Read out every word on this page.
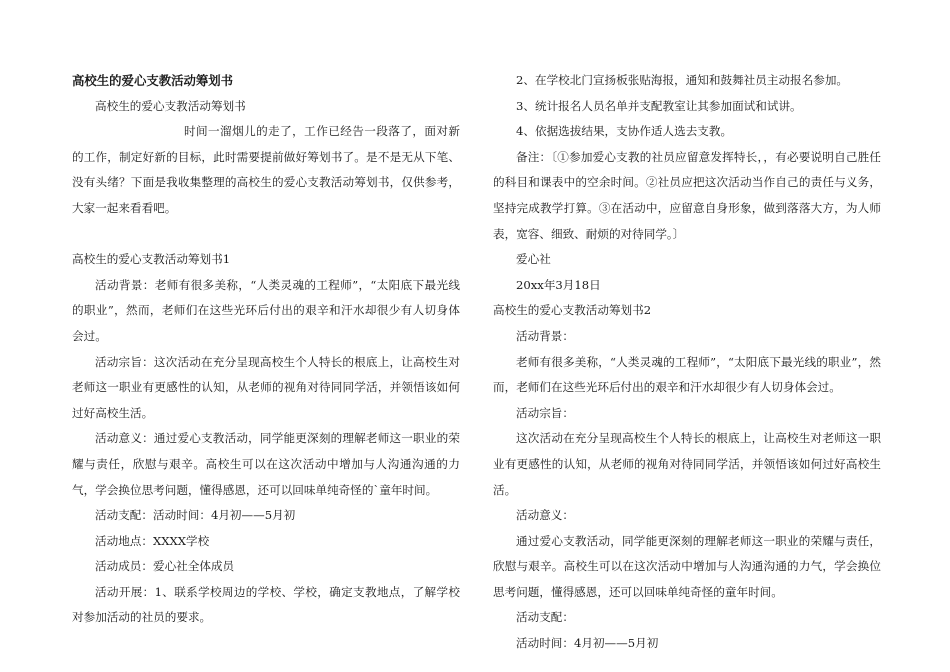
高校生的爱心支教活动筹划书

高校生的爱心支教活动筹划书

时间一溜烟儿的走了，工作已经告一段落了，面对新的工作，制定好新的目标，此时需要提前做好筹划书了。是不是无从下笔、没有头绪？下面是我收集整理的高校生的爱心支教活动筹划书，仅供参考，大家一起来看看吧。

高校生的爱心支教活动筹划书1

活动背景：老师有很多美称，“人类灵魂的工程师”，“太阳底下最光线的职业”，然而，老师们在这些光环后付出的艰辛和汗水却很少有人切身体会过。

活动宗旨：这次活动在充分呈现高校生个人特长的根底上，让高校生对老师这一职业有更感性的认知，从老师的视角对待同同学活，并领悟该如何过好高校生活。

活动意义：通过爱心支教活动，同学能更深刻的理解老师这一职业的荣耀与责任，欣慰与艰辛。高校生可以在这次活动中增加与人沟通沟通的力气，学会换位思考问题，懂得感恩，还可以回味单纯奇怪的`童年时间。

活动支配：活动时间：4月初——5月初

活动地点：XXXX学校

活动成员：爱心社全体成员

活动开展：1、联系学校周边的学校、学校，确定支教地点，了解学校对参加活动的社员的要求。

2、在学校北门宣扬板张贴海报，通知和鼓舞社员主动报名参加。

3、统计报名人员名单并支配教室让其参加面试和试讲。

4、依据选拔结果，支协作适人选去支教。

备注：〔①参加爱心支教的社员应留意发挥特长，，有必要说明自己胜任的科目和课表中的空余时间。②社员应把这次活动当作自己的责任与义务，坚持完成教学打算。③在活动中，应留意自身形象，做到落落大方，为人师表，宽容、细致、耐烦的对待同学。〕

爱心社

20xx年3月18日

高校生的爱心支教活动筹划书2

活动背景：

老师有很多美称，“人类灵魂的工程师”，“太阳底下最光线的职业”，然而，老师们在这些光环后付出的艰辛和汗水却很少有人切身体会过。

活动宗旨：

这次活动在充分呈现高校生个人特长的根底上，让高校生对老师这一职业有更感性的认知，从老师的视角对待同同学活，并领悟该如何过好高校生活。

活动意义：

通过爱心支教活动，同学能更深刻的理解老师这一职业的荣耀与责任，欣慰与艰辛。高校生可以在这次活动中增加与人沟通沟通的力气，学会换位思考问题，懂得感恩，还可以回味单纯奇怪的童年时间。

活动支配：

活动时间：4月初——5月初
